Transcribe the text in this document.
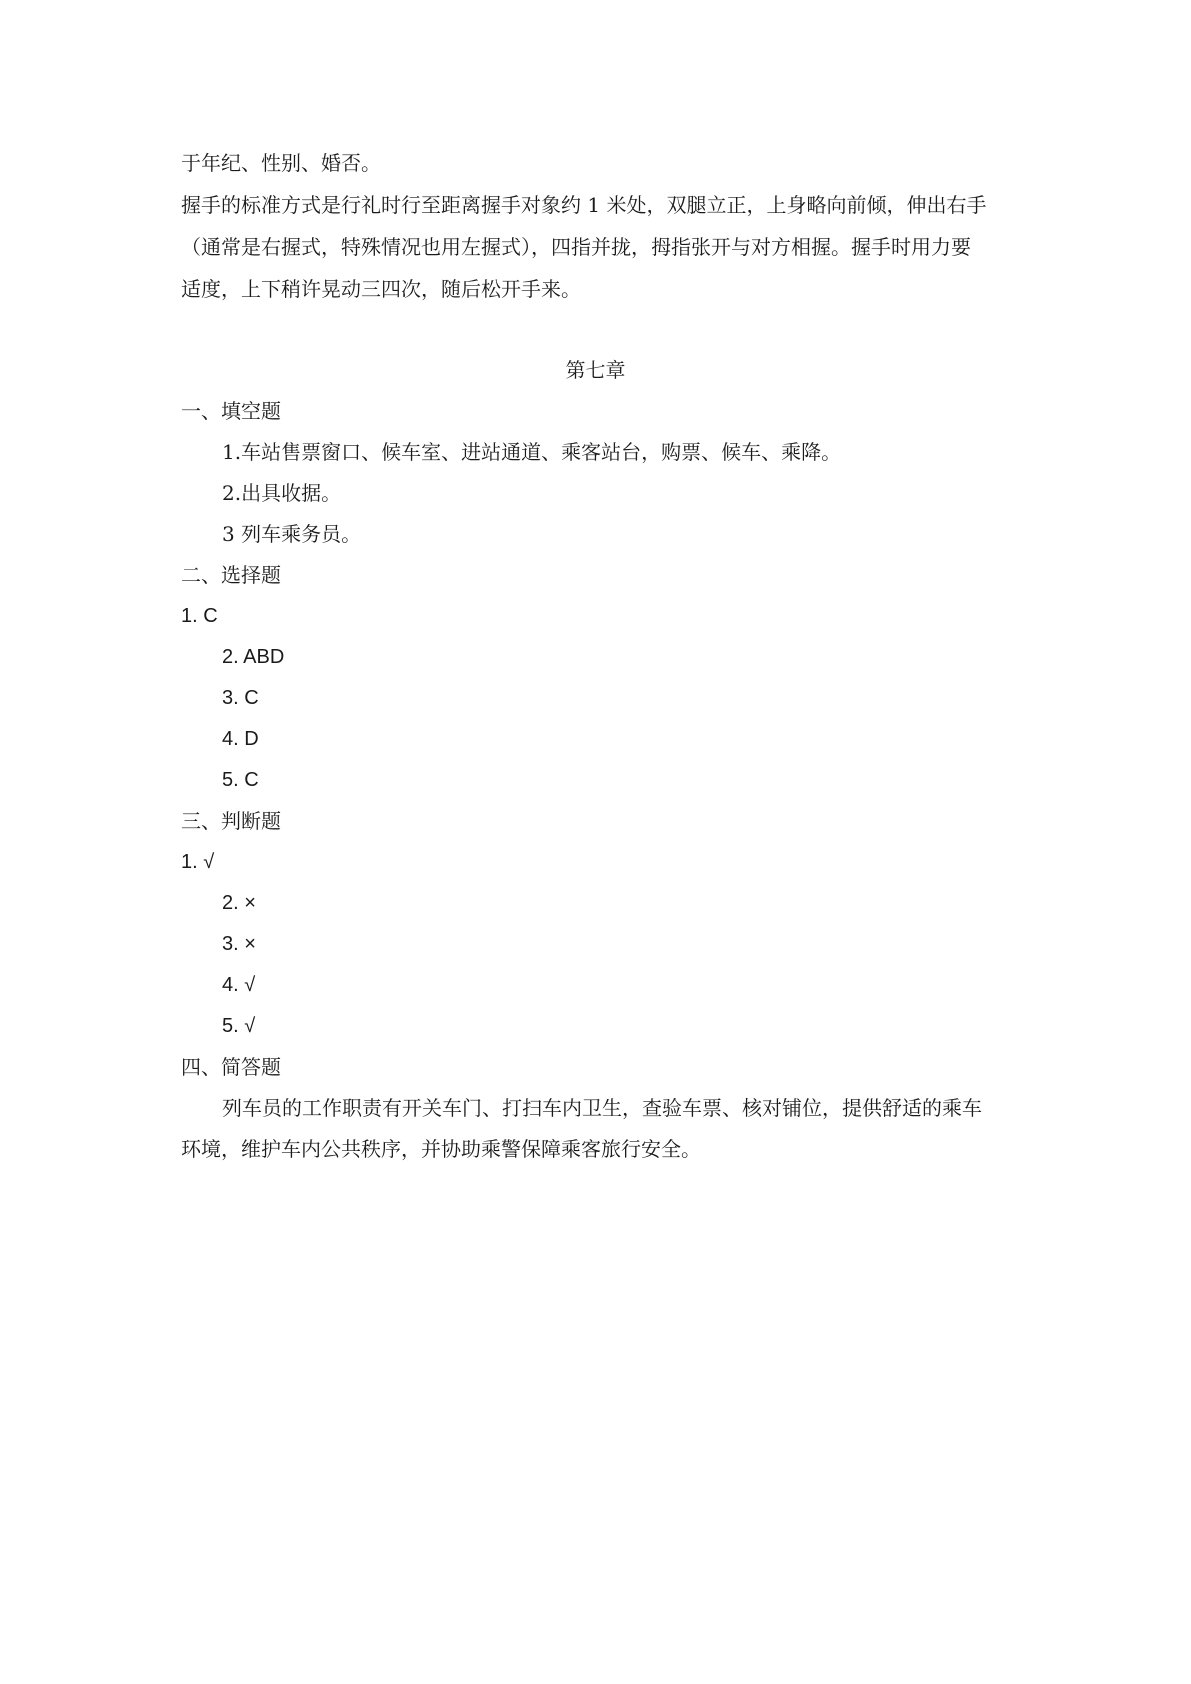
于年纪、性别、婚否。
握手的标准方式是行礼时行至距离握手对象约 1 米处，双腿立正，上身略向前倾，伸出右手
（通常是右握式，特殊情况也用左握式），四指并拢，拇指张开与对方相握。握手时用力要
适度，上下稍许晃动三四次，随后松开手来。
第七章
一、填空题
1.车站售票窗口、候车室、进站通道、乘客站台，购票、候车、乘降。
2.出具收据。
3 列车乘务员。
二、选择题
1. C
2. ABD
3. C
4. D
5. C
三、判断题
1. √
2. ×
3. ×
4. √
5. √
四、简答题
列车员的工作职责有开关车门、打扫车内卫生，查验车票、核对铺位，提供舒适的乘车
环境，维护车内公共秩序，并协助乘警保障乘客旅行安全。
